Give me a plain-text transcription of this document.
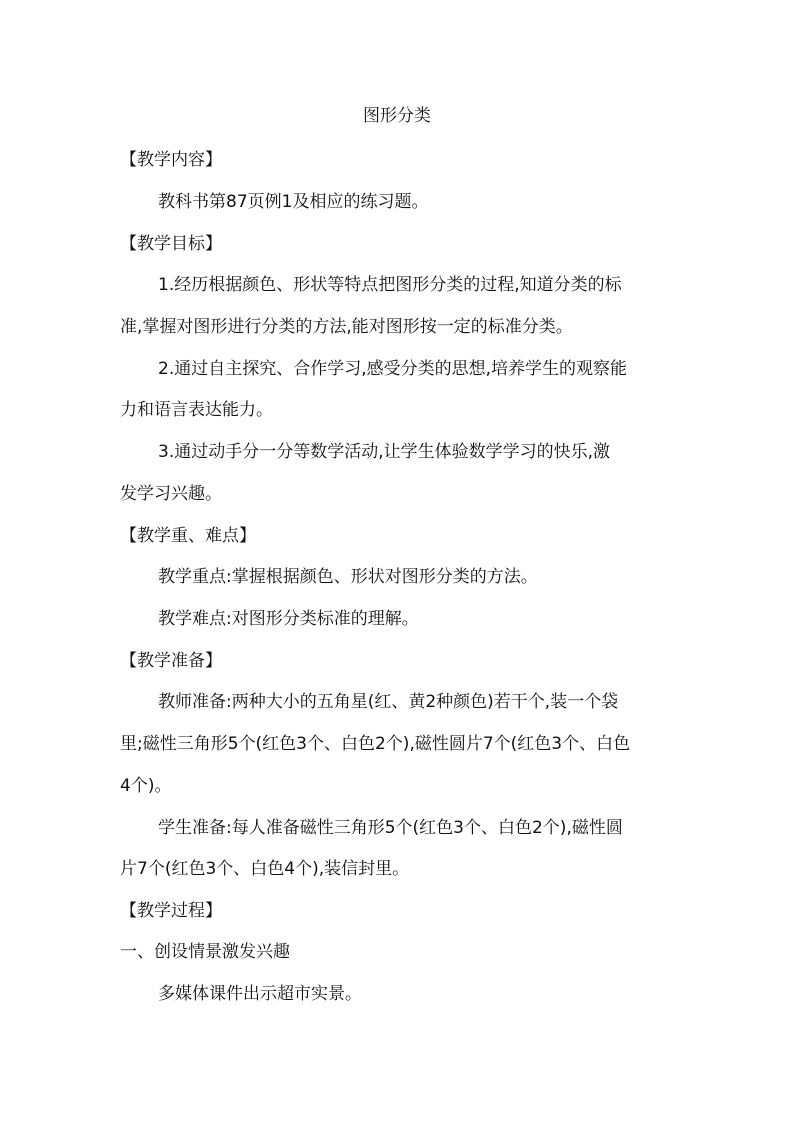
图形分类
【教学内容】
教科书第87页例1及相应的练习题。
【教学目标】
1.经历根据颜色、形状等特点把图形分类的过程,知道分类的标
准,掌握对图形进行分类的方法,能对图形按一定的标准分类。
2.通过自主探究、合作学习,感受分类的思想,培养学生的观察能
力和语言表达能力。
3.通过动手分一分等数学活动,让学生体验数学学习的快乐,激
发学习兴趣。
【教学重、难点】
教学重点:掌握根据颜色、形状对图形分类的方法。
教学难点:对图形分类标准的理解。
【教学准备】
教师准备:两种大小的五角星(红、黄2种颜色)若干个,装一个袋
里;磁性三角形5个(红色3个、白色2个),磁性圆片7个(红色3个、白色
4个)。
学生准备:每人准备磁性三角形5个(红色3个、白色2个),磁性圆
片7个(红色3个、白色4个),装信封里。
【教学过程】
一、创设情景激发兴趣
多媒体课件出示超市实景。
